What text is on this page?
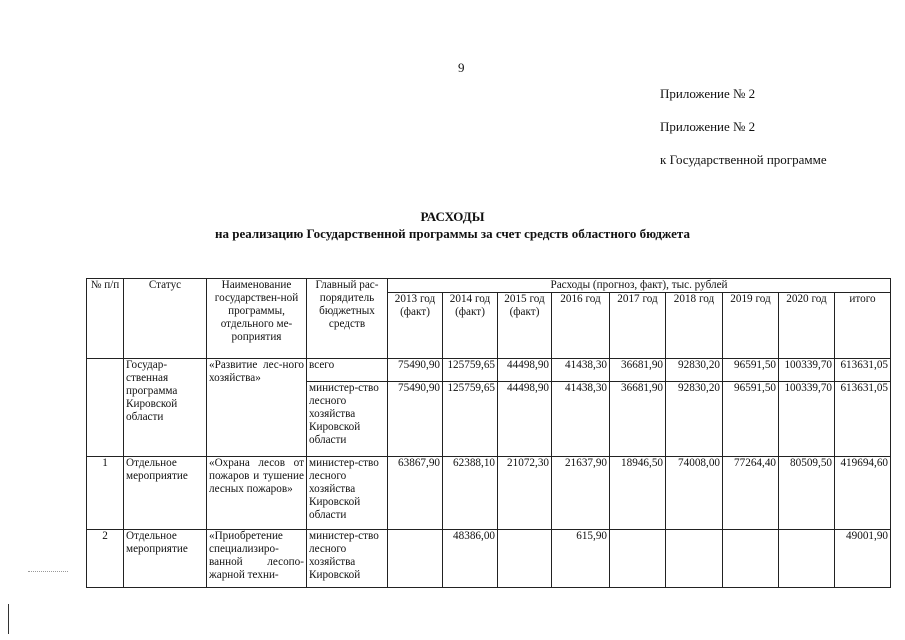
9
Приложение № 2
Приложение № 2
к Государственной программе
РАСХОДЫ
на реализацию Государственной программы за счет средств областного бюджета
№ п/п	Статус	Наименование государствен-ной программы, отдельного ме-роприятия	Главный рас-порядитель бюджетных средств	Расходы (прогноз, факт), тыс. рублей								
				2013 год (факт)	2014 год (факт)	2015 год (факт)	2016 год	2017 год	2018 год	2019 год	2020 год	итого
	Государ-ственная программа Кировской области	«Развитие лес-ного хозяйства»	всего	75490,90	125759,65	44498,90	41438,30	36681,90	92830,20	96591,50	100339,70	613631,05
			министер-ство лесного хозяйства Кировской области	75490,90	125759,65	44498,90	41438,30	36681,90	92830,20	96591,50	100339,70	613631,05
1	Отдельное мероприятие	«Охрана лесов от пожаров и тушение лесных пожаров»	министер-ство лесного хозяйства Кировской области	63867,90	62388,10	21072,30	21637,90	18946,50	74008,00	77264,40	80509,50	419694,60
2	Отдельное мероприятие	«Приобретение специализиро-ванной лесопо-жарной техни-	министер-ство лесного хозяйства Кировской		48386,00		615,90					49001,90
